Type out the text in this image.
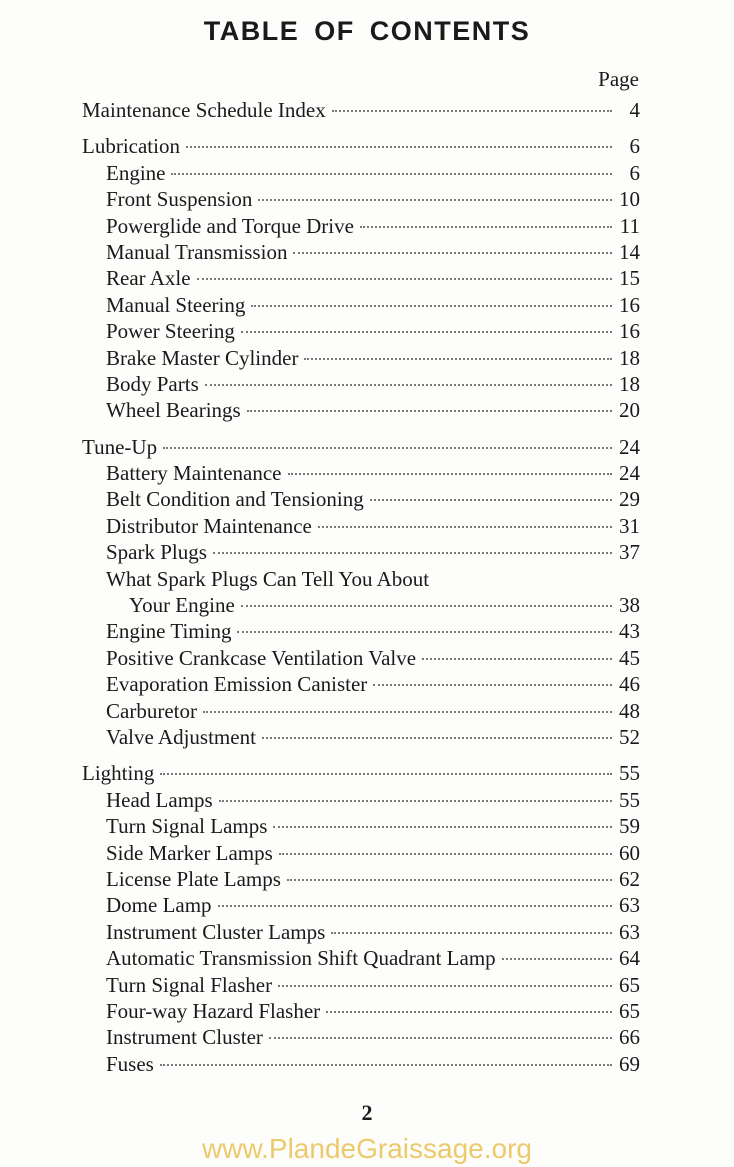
TABLE OF CONTENTS
Page
Maintenance Schedule Index	4
Lubrication	6
Engine	6
Front Suspension	10
Powerglide and Torque Drive	11
Manual Transmission	14
Rear Axle	15
Manual Steering	16
Power Steering	16
Brake Master Cylinder	18
Body Parts	18
Wheel Bearings	20
Tune-Up	24
Battery Maintenance	24
Belt Condition and Tensioning	29
Distributor Maintenance	31
Spark Plugs	37
What Spark Plugs Can Tell You About
Your Engine	38
Engine Timing	43
Positive Crankcase Ventilation Valve	45
Evaporation Emission Canister	46
Carburetor	48
Valve Adjustment	52
Lighting	55
Head Lamps	55
Turn Signal Lamps	59
Side Marker Lamps	60
License Plate Lamps	62
Dome Lamp	63
Instrument Cluster Lamps	63
Automatic Transmission Shift Quadrant Lamp	64
Turn Signal Flasher	65
Four-way Hazard Flasher	65
Instrument Cluster	66
Fuses	69
2
www.PlandeGraissage.org
